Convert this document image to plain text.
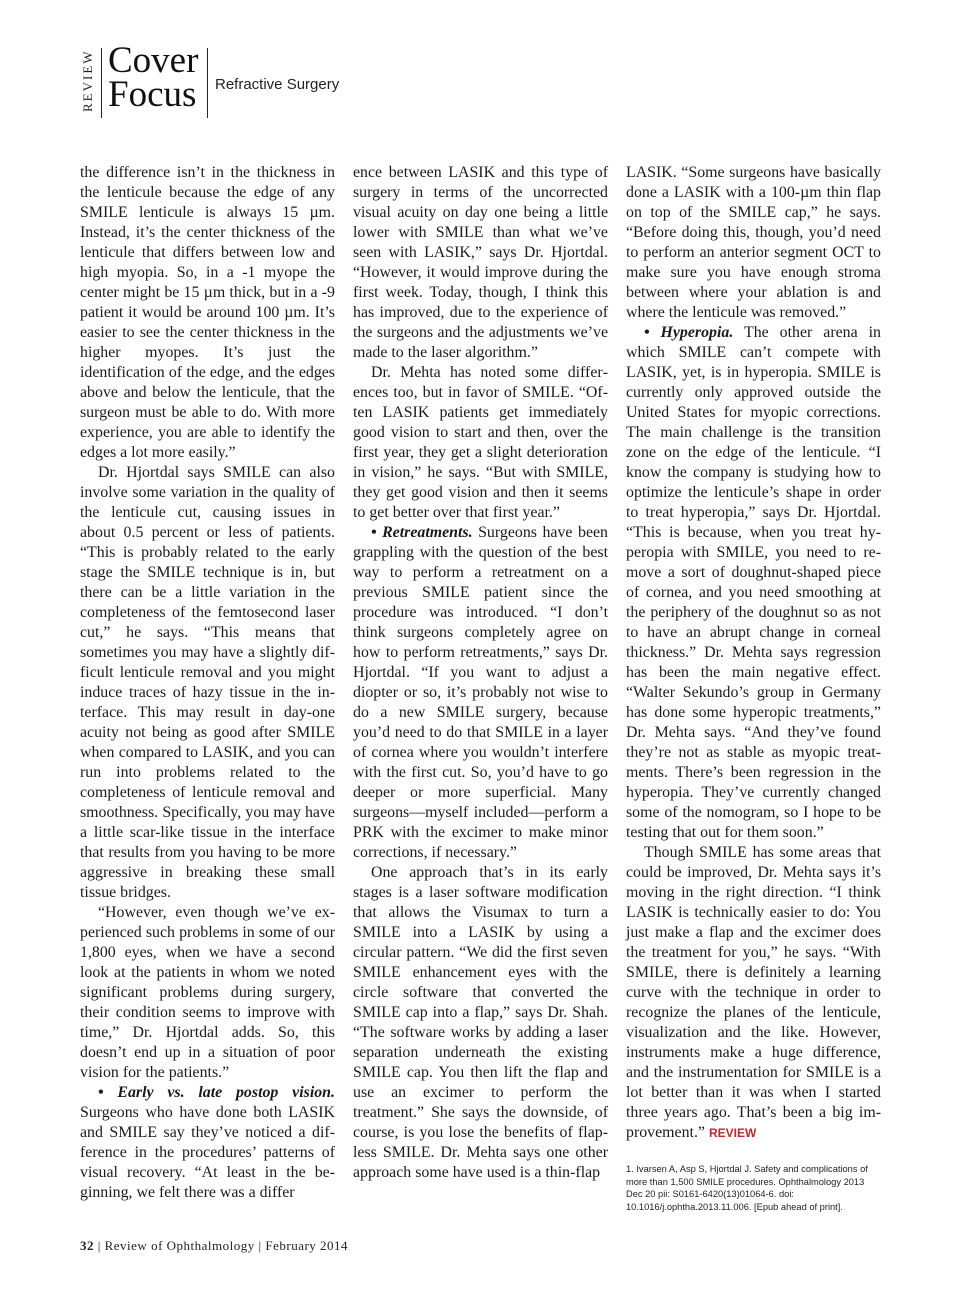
REVIEW Cover
Focus Refractive Surgery

the difference isn’t in the thickness in the lenticule because the edge of any SMILE lenticule is always 15 µm. Instead, it’s the center thickness of the lenticule that differs between low and high myopia. So, in a -1 myope the center might be 15 µm thick, but in a -9 patient it would be around 100 µm. It’s easier to see the center thickness in the higher myopes. It’s just the identification of the edge, and the edges above and below the lenticule, that the surgeon must be able to do. With more experience, you are able to identify the edges a lot more easily.”

Dr. Hjortdal says SMILE can also involve some variation in the quality of the lenticule cut, causing issues in about 0.5 percent or less of patients. “This is probably related to the early stage the SMILE technique is in, but there can be a little variation in the completeness of the femtosecond laser cut,” he says. “This means that sometimes you may have a slightly difficult lenticule removal and you might induce traces of hazy tissue in the interface. This may result in day-one acuity not being as good after SMILE when compared to LASIK, and you can run into problems related to the completeness of lenticule removal and smoothness. Specifically, you may have a little scar-like tissue in the interface that results from you having to be more aggressive in breaking these small tissue bridges.

“However, even though we’ve experienced such problems in some of our 1,800 eyes, when we have a second look at the patients in whom we noted significant problems during surgery, their condition seems to improve with time,” Dr. Hjortdal adds. So, this doesn’t end up in a situation of poor vision for the patients.”

• Early vs. late postop vision. Surgeons who have done both LASIK and SMILE say they’ve noticed a difference in the procedures’ patterns of visual recovery. “At least in the beginning, we felt there was a differ

ence between LASIK and this type of surgery in terms of the uncorrected visual acuity on day one being a little lower with SMILE than what we’ve seen with LASIK,” says Dr. Hjortdal. “However, it would improve during the first week. Today, though, I think this has improved, due to the experience of the surgeons and the adjustments we’ve made to the laser algorithm.”

Dr. Mehta has noted some differences too, but in favor of SMILE. “Often LASIK patients get immediately good vision to start and then, over the first year, they get a slight deterioration in vision,” he says. “But with SMILE, they get good vision and then it seems to get better over that first year.”

• Retreatments. Surgeons have been grappling with the question of the best way to perform a retreatment on a previous SMILE patient since the procedure was introduced. “I don’t think surgeons completely agree on how to perform retreatments,” says Dr. Hjortdal. “If you want to adjust a diopter or so, it’s probably not wise to do a new SMILE surgery, because you’d need to do that SMILE in a layer of cornea where you wouldn’t interfere with the first cut. So, you’d have to go deeper or more superficial. Many surgeons—myself included—perform a PRK with the excimer to make minor corrections, if necessary.”

One approach that’s in its early stages is a laser software modification that allows the Visumax to turn a SMILE into a LASIK by using a circular pattern. “We did the first seven SMILE enhancement eyes with the circle software that converted the SMILE cap into a flap,” says Dr. Shah. “The software works by adding a laser separation underneath the existing SMILE cap. You then lift the flap and use an excimer to perform the treatment.” She says the downside, of course, is you lose the benefits of flapless SMILE. Dr. Mehta says one other approach some have used is a thin-flap

LASIK. “Some surgeons have basically done a LASIK with a 100-µm thin flap on top of the SMILE cap,” he says. “Before doing this, though, you’d need to perform an anterior segment OCT to make sure you have enough stroma between where your ablation is and where the lenticule was removed.”

• Hyperopia. The other arena in which SMILE can’t compete with LASIK, yet, is in hyperopia. SMILE is currently only approved outside the United States for myopic corrections. The main challenge is the transition zone on the edge of the lenticule. “I know the company is studying how to optimize the lenticule’s shape in order to treat hyperopia,” says Dr. Hjortdal. “This is because, when you treat hyperopia with SMILE, you need to remove a sort of doughnut-shaped piece of cornea, and you need smoothing at the periphery of the doughnut so as not to have an abrupt change in corneal thickness.” Dr. Mehta says regression has been the main negative effect. “Walter Sekundo’s group in Germany has done some hyperopic treatments,” Dr. Mehta says. “And they’ve found they’re not as stable as myopic treatments. There’s been regression in the hyperopia. They’ve currently changed some of the nomogram, so I hope to be testing that out for them soon.”

Though SMILE has some areas that could be improved, Dr. Mehta says it’s moving in the right direction. “I think LASIK is technically easier to do: You just make a flap and the excimer does the treatment for you,” he says. “With SMILE, there is definitely a learning curve with the technique in order to recognize the planes of the lenticule, visualization and the like. However, instruments make a huge difference, and the instrumentation for SMILE is a lot better than it was when I started three years ago. That’s been a big improvement.” REVIEW

1. Ivarsen A, Asp S, Hjortdal J. Safety and complications of more than 1,500 SMILE procedures. Ophthalmology 2013 Dec 20 pii: S0161-6420(13)01064-6. doi: 10.1016/j.ophtha.2013.11.006. [Epub ahead of print].
32 | Review of Ophthalmology | February 2014
